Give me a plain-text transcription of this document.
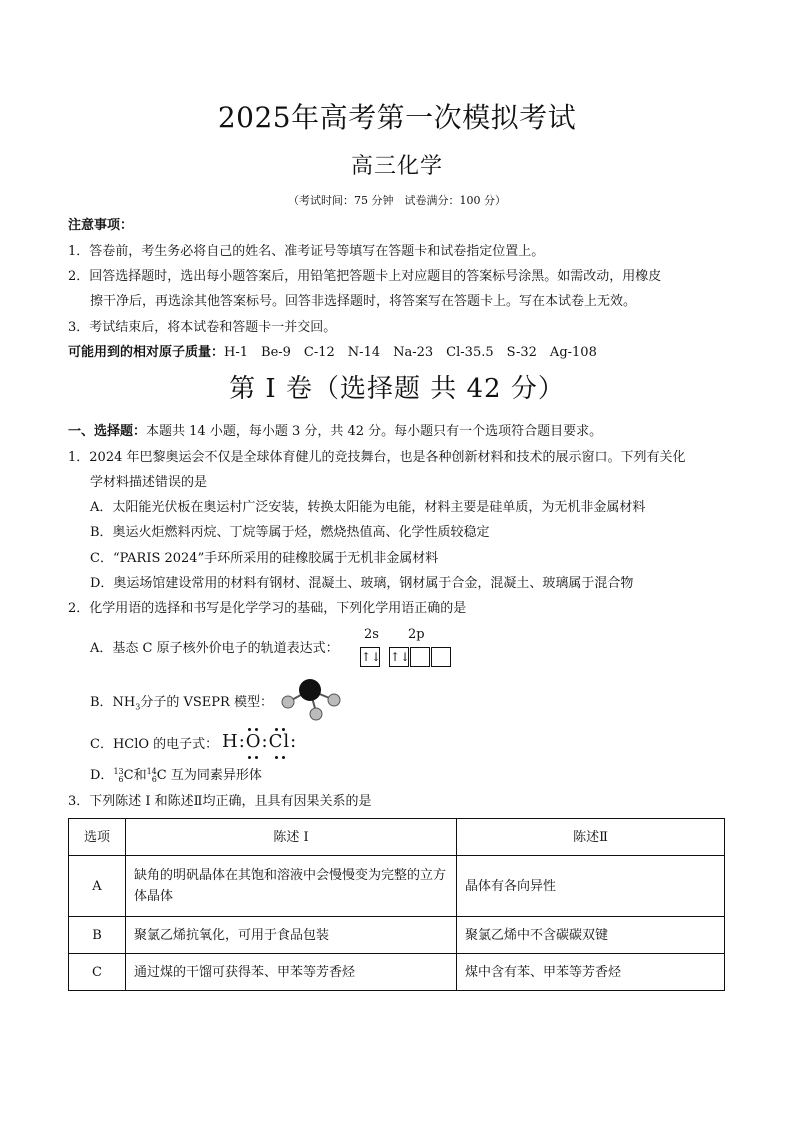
2025年高考第一次模拟考试
高三化学
（考试时间：75 分钟　试卷满分：100 分）
注意事项：
1．答卷前，考生务必将自己的姓名、准考证号等填写在答题卡和试卷指定位置上。
2．回答选择题时，选出每小题答案后，用铅笔把答题卡上对应题目的答案标号涂黑。如需改动，用橡皮
擦干净后，再选涂其他答案标号。回答非选择题时，将答案写在答题卡上。写在本试卷上无效。
3．考试结束后，将本试卷和答题卡一并交回。
可能用到的相对原子质量：H-1　Be-9　C-12　N-14　Na-23　Cl-35.5　S-32　Ag-108
第 I 卷（选择题 共 42 分）
一、选择题：本题共 14 小题，每小题 3 分，共 42 分。每小题只有一个选项符合题目要求。
1．2024 年巴黎奥运会不仅是全球体育健儿的竞技舞台，也是各种创新材料和技术的展示窗口。下列有关化
学材料描述错误的是
A．太阳能光伏板在奥运村广泛安装，转换太阳能为电能，材料主要是硅单质，为无机非金属材料
B．奥运火炬燃料丙烷、丁烷等属于烃，燃烧热值高、化学性质较稳定
C．“PARIS 2024”手环所采用的硅橡胶属于无机非金属材料
D．奥运场馆建设常用的材料有钢材、混凝土、玻璃，钢材属于合金，混凝土、玻璃属于混合物
2．化学用语的选择和书写是化学学习的基础，下列化学用语正确的是
A．基态 C 原子核外价电子的轨道表达式：
2s 2p
↑↓ ↑↓
B．$NH_3$分子的 VSEPR 模型：
C．HClO 的电子式： H:O:Cl:
D． 13
6 C和 14
6 C 互为同素异形体
3．下列陈述 I 和陈述Ⅱ均正确，且具有因果关系的是
选项	陈述 I	陈述Ⅱ
A	缺角的明矾晶体在其饱和溶液中会慢慢变为完整的立方体晶体	晶体有各向异性
B	聚氯乙烯抗氧化，可用于食品包装	聚氯乙烯中不含碳碳双键
C	通过煤的干馏可获得苯、甲苯等芳香烃	煤中含有苯、甲苯等芳香烃
